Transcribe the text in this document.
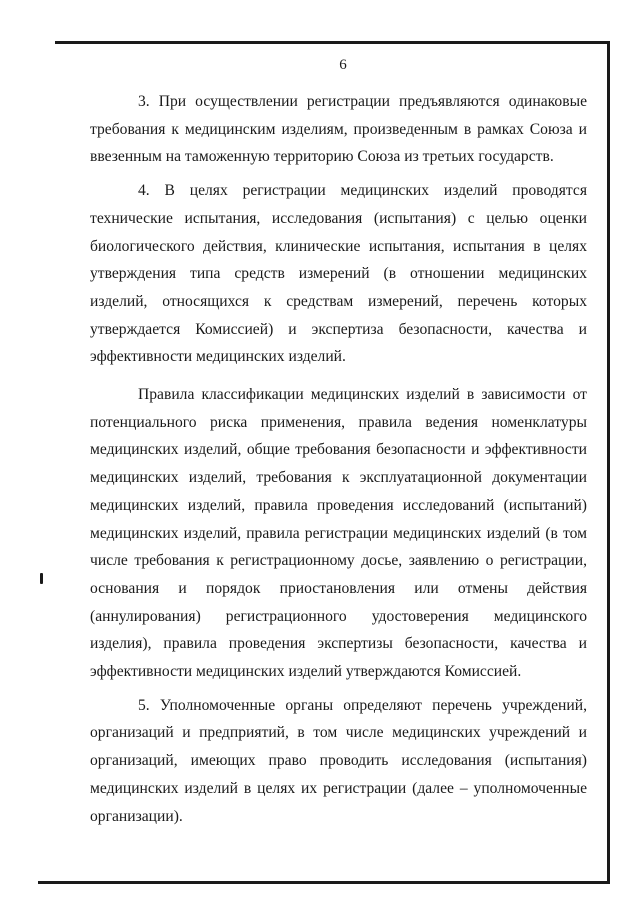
6

3. При осуществлении регистрации предъявляются одинаковые требования к медицинским изделиям, произведенным в рамках Союза и ввезенным на таможенную территорию Союза из третьих государств.

4. В целях регистрации медицинских изделий проводятся технические испытания, исследования (испытания) с целью оценки биологического действия, клинические испытания, испытания в целях утверждения типа средств измерений (в отношении медицинских изделий, относящихся к средствам измерений, перечень которых утверждается Комиссией) и экспертиза безопасности, качества и эффективности медицинских изделий.

Правила классификации медицинских изделий в зависимости от потенциального риска применения, правила ведения номенклатуры медицинских изделий, общие требования безопасности и эффективности медицинских изделий, требования к эксплуатационной документации медицинских изделий, правила проведения исследований (испытаний) медицинских изделий, правила регистрации медицинских изделий (в том числе требования к регистрационному досье, заявлению о регистрации, основания и порядок приостановления или отмены действия (аннулирования) регистрационного удостоверения медицинского изделия), правила проведения экспертизы безопасности, качества и эффективности медицинских изделий утверждаются Комиссией.

5. Уполномоченные органы определяют перечень учреждений, организаций и предприятий, в том числе медицинских учреждений и организаций, имеющих право проводить исследования (испытания) медицинских изделий в целях их регистрации (далее – уполномоченные организации).
